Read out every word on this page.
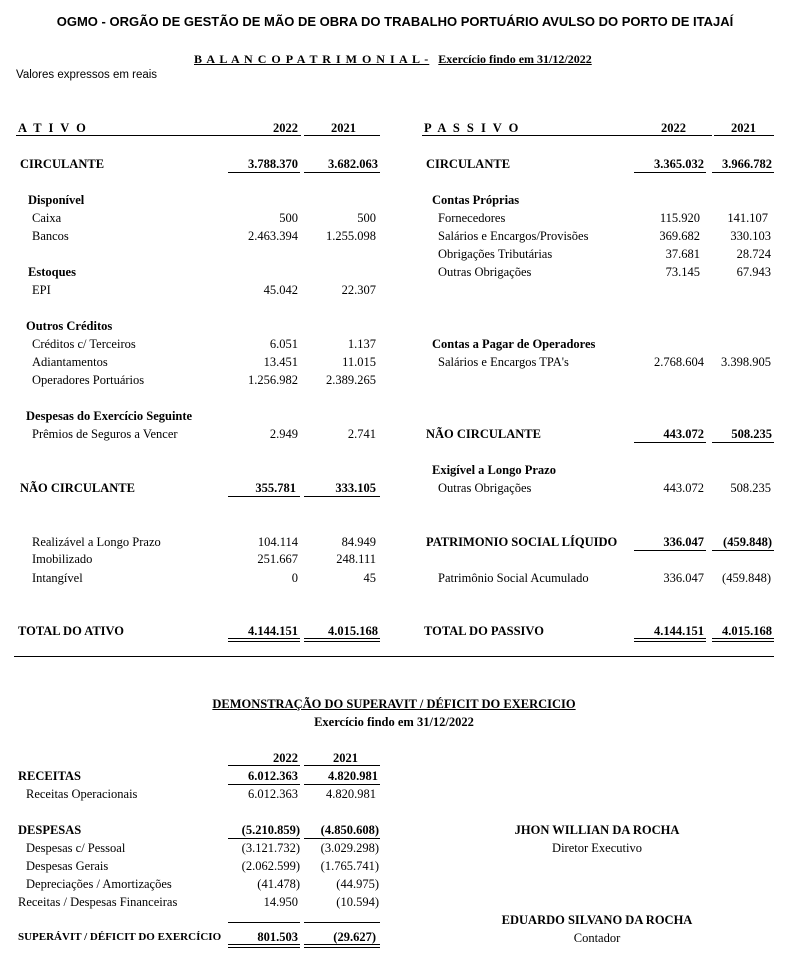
OGMO - ORGÃO DE GESTÃO DE MÃO DE OBRA DO TRABALHO PORTUÁRIO AVULSO DO PORTO DE ITAJAÍ
B A L A N C O P A T R I M O N I A L - Exercício findo em 31/12/2022
Valores expressos em reais
A T I V O	2022	2021
CIRCULANTE	3.788.370	3.682.063
Disponível
Caixa	500	500
Bancos	2.463.394	1.255.098
Estoques
EPI	45.042	22.307
Outros Créditos
Créditos c/ Terceiros	6.051	1.137
Adiantamentos	13.451	11.015
Operadores Portuários	1.256.982	2.389.265
Despesas do Exercício Seguinte
Prêmios de Seguros a Vencer	2.949	2.741
NÃO CIRCULANTE	355.781	333.105
Realizável a Longo Prazo	104.114	84.949
Imobilizado	251.667	248.111
Intangível	0	45
TOTAL DO ATIVO	4.144.151	4.015.168
P A S S I V O	2022	2021
CIRCULANTE	3.365.032	3.966.782
Contas Próprias
Fornecedores	115.920	141.107
Salários e Encargos/Provisões	369.682	330.103
Obrigações Tributárias	37.681	28.724
Outras Obrigações	73.145	67.943
Contas a Pagar de Operadores
Salários e Encargos TPA's	2.768.604	3.398.905
NÃO CIRCULANTE	443.072	508.235
Exigível a Longo Prazo
Outras Obrigações	443.072	508.235
PATRIMONIO SOCIAL LÍQUIDO	336.047	(459.848)
Patrimônio Social Acumulado	336.047	(459.848)
TOTAL DO PASSIVO	4.144.151	4.015.168
DEMONSTRAÇÃO DO SUPERAVIT / DÉFICIT DO EXERCICIO
Exercício findo em 31/12/2022
2022	2021
RECEITAS	6.012.363	4.820.981
Receitas Operacionais	6.012.363	4.820.981
DESPESAS	(5.210.859)	(4.850.608)
Despesas c/ Pessoal	(3.121.732)	(3.029.298)
Despesas Gerais	(2.062.599)	(1.765.741)
Depreciações / Amortizações	(41.478)	(44.975)
Receitas / Despesas Financeiras	14.950	(10.594)
SUPERÁVIT / DÉFICIT DO EXERCÍCIO	801.503	(29.627)
JHON WILLIAN DA ROCHA
Diretor Executivo
EDUARDO SILVANO DA ROCHA
Contador
